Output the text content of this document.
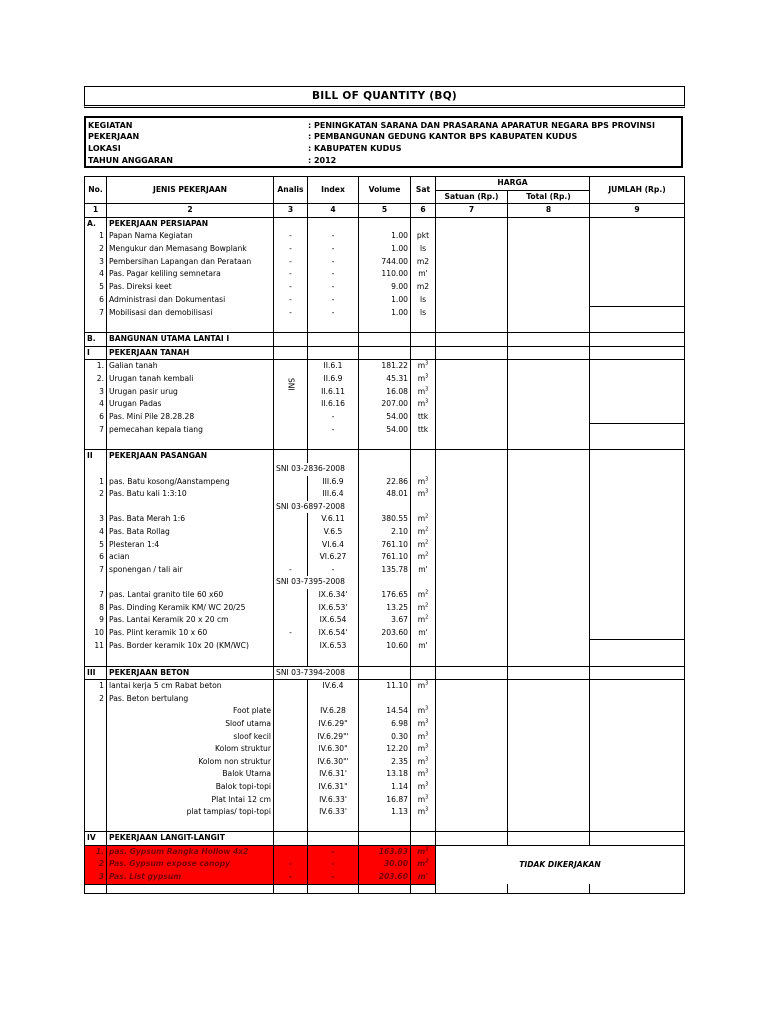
BILL OF QUANTITY (BQ)
KEGIATAN	: PENINGKATAN SARANA DAN PRASARANA APARATUR NEGARA BPS PROVINSI
PEKERJAAN	: PEMBANGUNAN GEDUNG KANTOR BPS KABUPATEN KUDUS
LOKASI	: KABUPATEN KUDUS
TAHUN ANGGARAN	: 2012
No.	JENIS PEKERJAAN	Analis	Index	Volume	Sat	HARGA		JUMLAH (Rp.)
						Satuan (Rp.)	Total (Rp.)	
1	2	3	4	5	6	7	8	9
A.	PEKERJAAN PERSIAPAN							
1	Papan Nama Kegiatan	-	-	1.00	pkt			
2	Mengukur dan Memasang Bowplank	-	-	1.00	ls			
3	Pembersihan Lapangan dan Perataan	-	-	744.00	m2			
4	Pas. Pagar keliling semnetara	-	-	110.00	m'			
5	Pas. Direksi keet	-	-	9.00	m2			
6	Administrasi dan Dokumentasi	-	-	1.00	ls			
7	Mobilisasi dan demobilisasi	-	-	1.00	ls			

B.	BANGUNAN UTAMA LANTAI I							
I	PEKERJAAN TANAH							
1.	Galian tanah	SNI	II.6.1	181.22	$m^3$			
2.	Urugan tanah kembali		II.6.9	45.31	$m^3$			
3	Urugan pasir urug		II.6.11	16.08	$m^3$			
4	Urugan Padas		II.6.16	207.00	$m^3$			
6	Pas. Mini Pile 28.28.28		-	54.00	ttk			
7	pemecahan kepala tiang		-	54.00	ttk			

II	PEKERJAAN PASANGAN							
		SNI 03-2836-2008						
1	pas. Batu kosong/Aanstampeng		III.6.9	22.86	$m^3$			
2	Pas. Batu kali 1:3:10		III.6.4	48.01	$m^3$			
		SNI 03-6897-2008						
3	Pas. Bata Merah 1:6		V.6.11	380.55	$m^2$			
4	Pas. Bata Rollag		V.6.5	2.10	$m^2$			
5	Plesteran 1:4		VI.6.4	761.10	$m^2$			
6	acian		VI.6.27	761.10	$m^2$			
7	sponengan / tali air	-	-	135.78	m'			
		SNI 03-7395-2008						
7	pas. Lantai granito tile 60 x60		IX.6.34'	176.65	$m^2$			
8	Pas. Dinding Keramik KM/ WC 20/25		IX.6.53'	13.25	$m^2$			
9	Pas. Lantai Keramik 20 x 20 cm		IX.6.54	3.67	$m^2$			
10	Pas. Plint keramik 10 x 60	-	IX.6.54'	203.60	m'			
11	Pas. Border keramik 10x 20 (KM/WC)		IX.6.53	10.60	m'			

III	PEKERJAAN BETON	SNI 03-7394-2008						
1	lantai kerja 5 cm Rabat beton		IV.6.4	11.10	$m^3$			
2	Pas. Beton bertulang							
	Foot plate		IV.6.28	14.54	$m^3$			
	Sloof utama		IV.6.29"	6.98	$m^3$			
	sloof kecil		IV.6.29"'	0.30	$m^3$			
	Kolom struktur		IV.6.30"	12.20	$m^3$			
	Kolom non struktur		IV.6.30"'	2.35	$m^3$			
	Balok Utama		IV.6.31'	13.18	$m^3$			
	Balok topi-topi		IV.6.31"	1.14	$m^3$			
	Plat lntai 12 cm		IV.6.33'	16.87	$m^3$			
	plat tampias/ topi-topi		IV.6.33'	1.13	$m^3$			

IV	PEKERJAAN LANGIT-LANGIT							
1.	pas. Gypsum Rangka Hollow 4x2		-	163.83	$m^2$	TIDAK DIKERJAKAN		
2	Pas. Gypsum expose canopy	-	-	30.00	$m^2$
3	Pas. List gypsum	-	-	203.60	m'			
